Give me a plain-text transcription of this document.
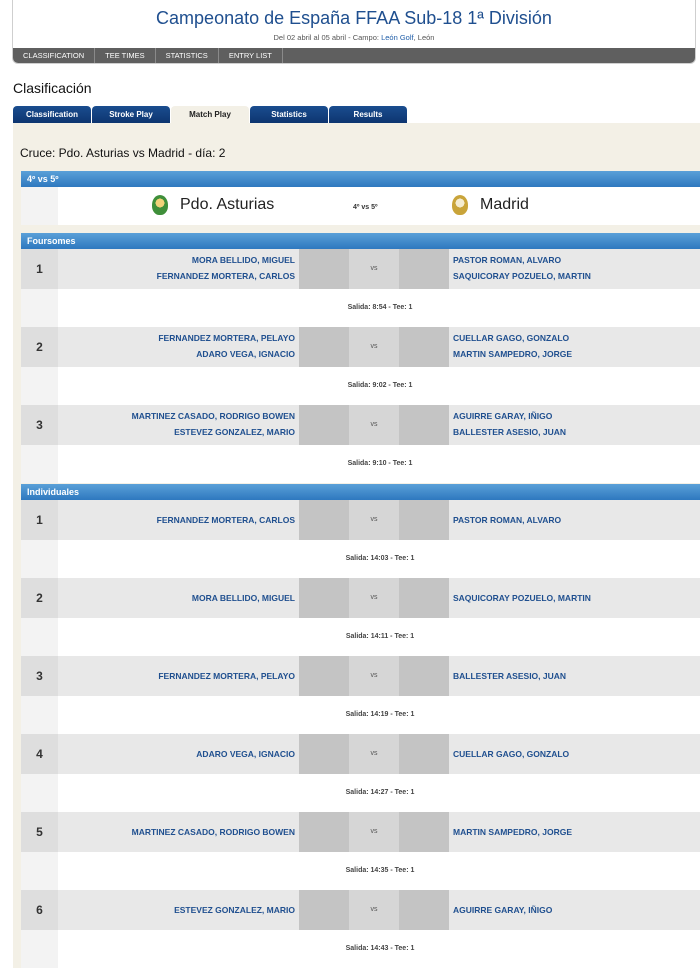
Campeonato de España FFAA Sub-18 1ª División
Del 02 abril al 05 abril - Campo: León Golf, León
CLASSIFICATION	TEE TIMES	STATISTICS	ENTRY LIST
Clasificación
Classification	Stroke Play	Match Play	Statistics	Results
Cruce: Pdo. Asturias vs Madrid - día: 2
4º vs 5º
Pdo. Asturias	4º vs 5º	Madrid
Foursomes
1
MORA BELLIDO, MIGUEL
FERNANDEZ MORTERA, CARLOS
vs
PASTOR ROMAN, ALVARO
SAQUICORAY POZUELO, MARTIN
Salida: 8:54 - Tee: 1
2
FERNANDEZ MORTERA, PELAYO
ADARO VEGA, IGNACIO
vs
CUELLAR GAGO, GONZALO
MARTIN SAMPEDRO, JORGE
Salida: 9:02 - Tee: 1
3
MARTINEZ CASADO, RODRIGO BOWEN
ESTEVEZ GONZALEZ, MARIO
vs
AGUIRRE GARAY, IÑIGO
BALLESTER ASESIO, JUAN
Salida: 9:10 - Tee: 1
Individuales
1	FERNANDEZ MORTERA, CARLOS	vs	PASTOR ROMAN, ALVARO
Salida: 14:03 - Tee: 1
2	MORA BELLIDO, MIGUEL	vs	SAQUICORAY POZUELO, MARTIN
Salida: 14:11 - Tee: 1
3	FERNANDEZ MORTERA, PELAYO	vs	BALLESTER ASESIO, JUAN
Salida: 14:19 - Tee: 1
4	ADARO VEGA, IGNACIO	vs	CUELLAR GAGO, GONZALO
Salida: 14:27 - Tee: 1
5	MARTINEZ CASADO, RODRIGO BOWEN	vs	MARTIN SAMPEDRO, JORGE
Salida: 14:35 - Tee: 1
6	ESTEVEZ GONZALEZ, MARIO	vs	AGUIRRE GARAY, IÑIGO
Salida: 14:43 - Tee: 1
